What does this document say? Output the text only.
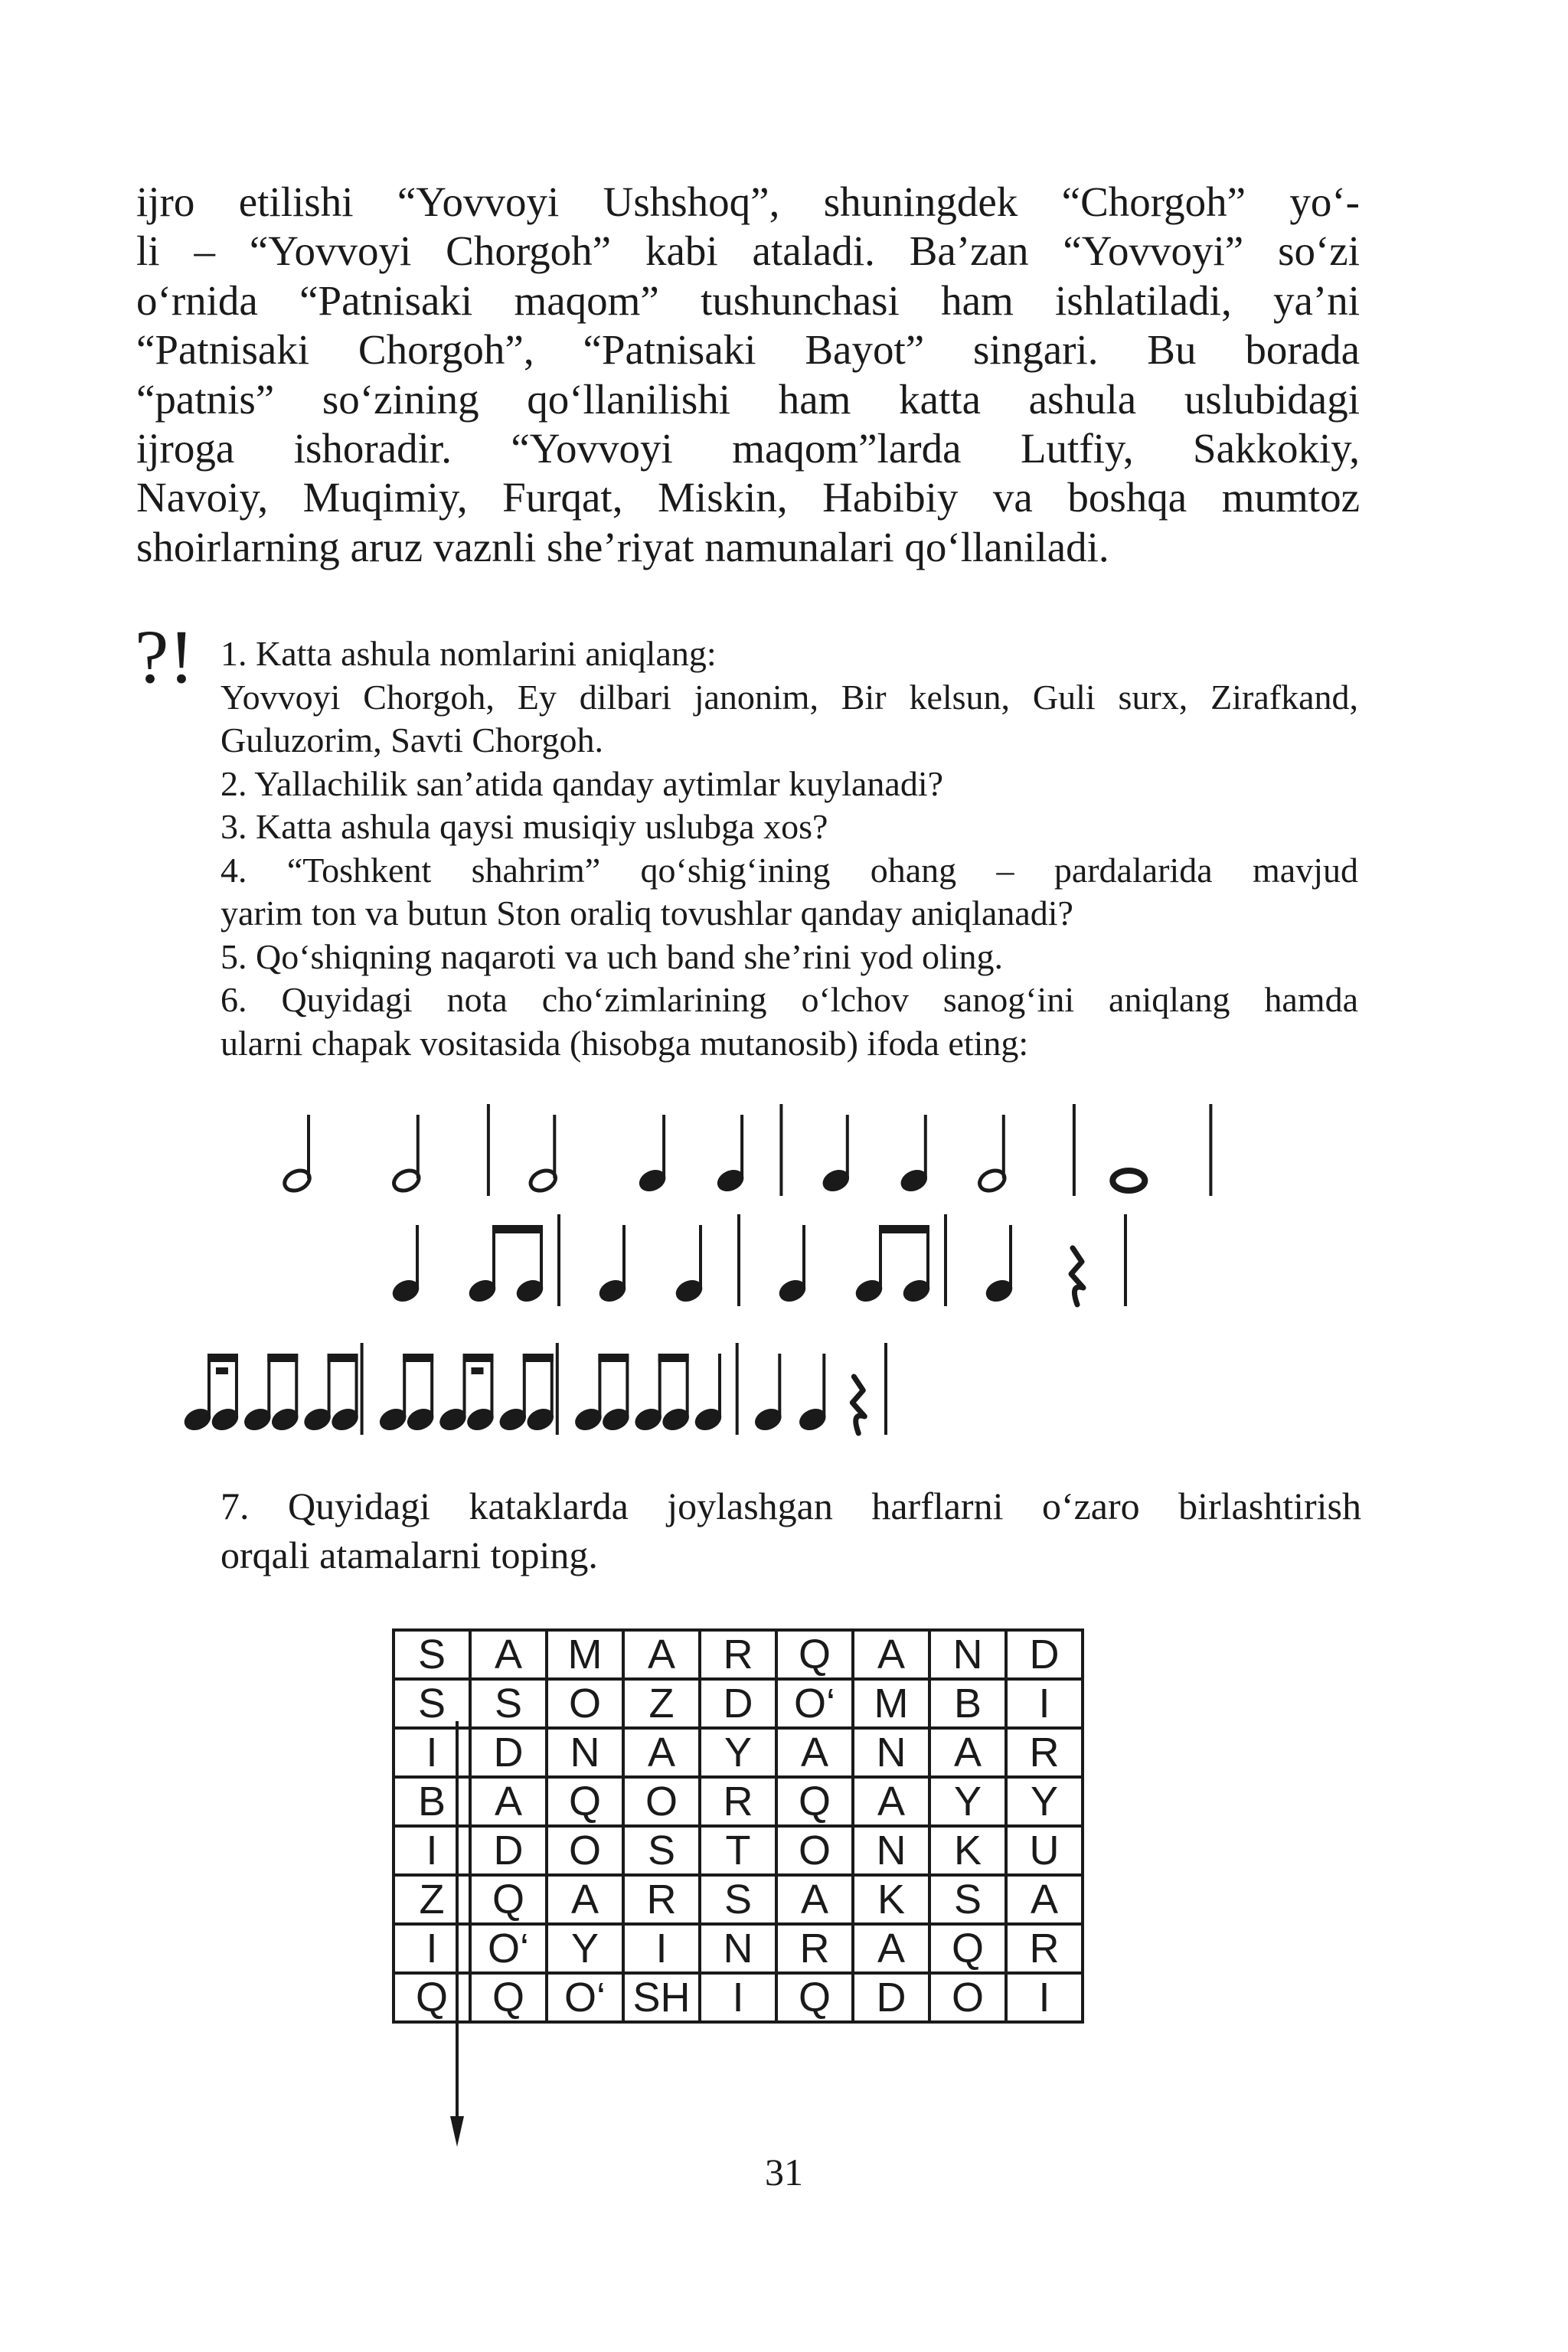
ijro etilishi “Yovvoyi Ushshoq”, shuningdek “Chorgoh” yo‘-
li – “Yovvoyi Chorgoh” kabi ataladi. Ba’zan “Yovvoyi” so‘zi
o‘rnida “Patnisaki maqom” tushunchasi ham ishlatiladi, ya’ni
“Patnisaki Chorgoh”, “Patnisaki Bayot” singari. Bu borada
“patnis” so‘zining qo‘llanilishi ham katta ashula uslubidagi
ijroga ishoradir. “Yovvoyi maqom”larda Lutfiy, Sakkokiy,
Navoiy, Muqimiy, Furqat, Miskin, Habibiy va boshqa mumtoz
shoirlarning aruz vaznli she’riyat namunalari qo‘llaniladi.
?! 1. Katta ashula nomlarini aniqlang:
Yovvoyi Chorgoh, Ey dilbari janonim, Bir kelsun, Guli surx, Zirafkand,
Guluzorim, Savti Chorgoh.
2. Yallachilik san’atida qanday aytimlar kuylanadi?
3. Katta ashula qaysi musiqiy uslubga xos?
4. “Toshkent shahrim” qo‘shig‘ining ohang – pardalarida mavjud
yarim ton va butun Ston oraliq tovushlar qanday aniqlanadi?
5. Qo‘shiqning naqaroti va uch band she’rini yod oling.
6. Quyidagi nota cho‘zimlarining o‘lchov sanog‘ini aniqlang hamda
ularni chapak vositasida (hisobga mutanosib) ifoda eting:
7. Quyidagi kataklarda joylashgan harflarni o‘zaro birlashtirish
orqali atamalarni toping.
S	A	M	A	R	Q	A	N	D
S	S	O	Z	D	O‘	M	B	I
I	D	N	A	Y	A	N	A	R
B	A	Q	O	R	Q	A	Y	Y
I	D	O	S	T	O	N	K	U
Z	Q	A	R	S	A	K	S	A
I	O‘	Y	I	N	R	A	Q	R
Q	Q	O‘	SH	I	Q	D	O	I
31
